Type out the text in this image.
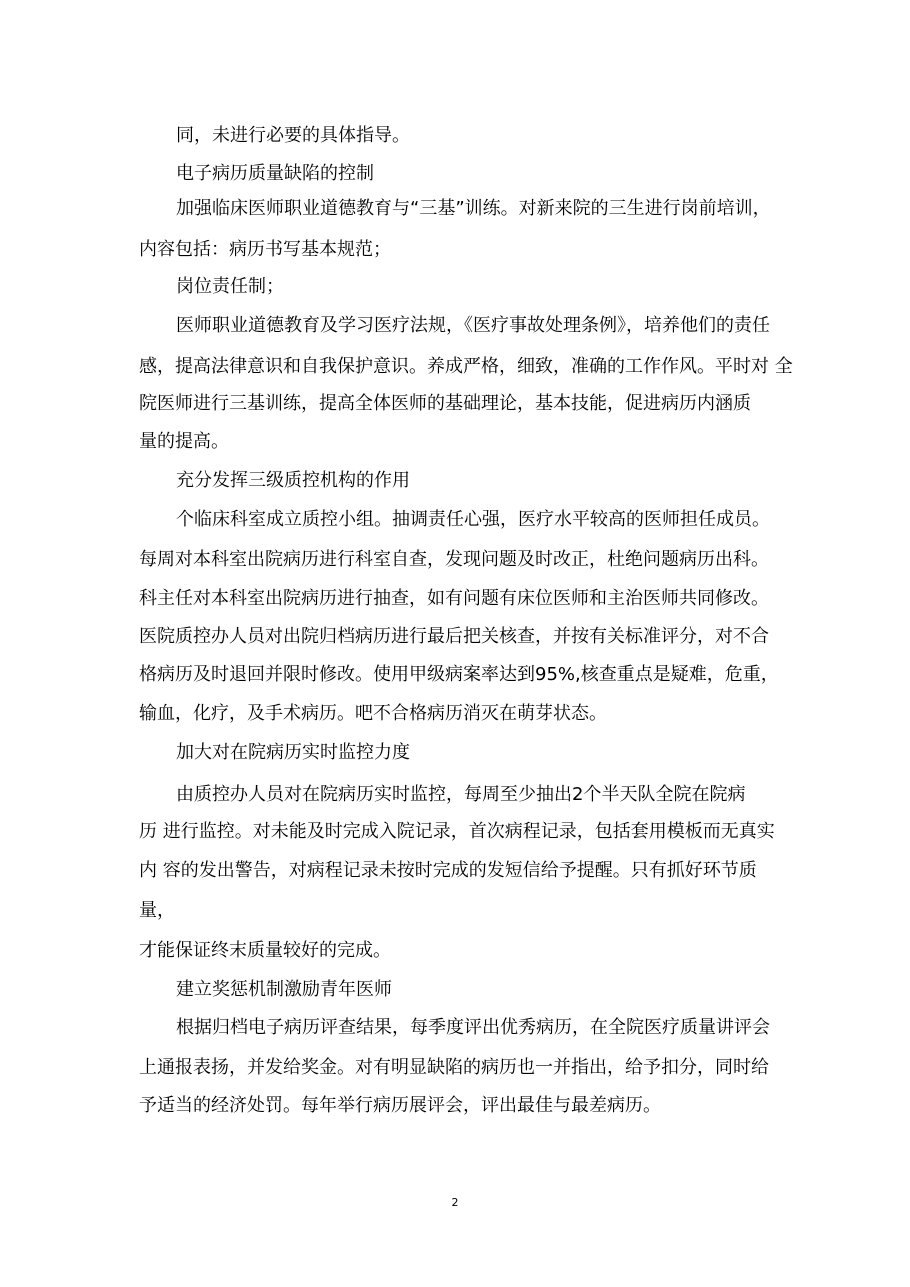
同，未进行必要的具体指导。
电子病历质量缺陷的控制
加强临床医师职业道德教育与“三基”训练。对新来院的三生进行岗前培训，
内容包括：病历书写基本规范；
岗位责任制；
医师职业道德教育及学习医疗法规，《医疗事故处理条例》，培养他们的责任
感，提高法律意识和自我保护意识。养成严格，细致，准确的工作作风。平时对 全
院医师进行三基训练，提高全体医师的基础理论，基本技能，促进病历内涵质
量的提高。
充分发挥三级质控机构的作用
个临床科室成立质控小组。抽调责任心强，医疗水平较高的医师担任成员。
每周对本科室出院病历进行科室自查，发现问题及时改正，杜绝问题病历出科。
科主任对本科室出院病历进行抽查，如有问题有床位医师和主治医师共同修改。
医院质控办人员对出院归档病历进行最后把关核查，并按有关标准评分，对不合
格病历及时退回并限时修改。使用甲级病案率达到95%,核查重点是疑难，危重，
输血，化疗，及手术病历。吧不合格病历消灭在萌芽状态。
加大对在院病历实时监控力度
由质控办人员对在院病历实时监控，每周至少抽出2个半天队全院在院病
历 进行监控。对未能及时完成入院记录，首次病程记录，包括套用模板而无真实
内 容的发出警告，对病程记录未按时完成的发短信给予提醒。只有抓好环节质
量，
才能保证终末质量较好的完成。
建立奖惩机制激励青年医师
根据归档电子病历评查结果，每季度评出优秀病历，在全院医疗质量讲评会
上通报表扬，并发给奖金。对有明显缺陷的病历也一并指出，给予扣分，同时给
予适当的经济处罚。每年举行病历展评会，评出最佳与最差病历。
2
